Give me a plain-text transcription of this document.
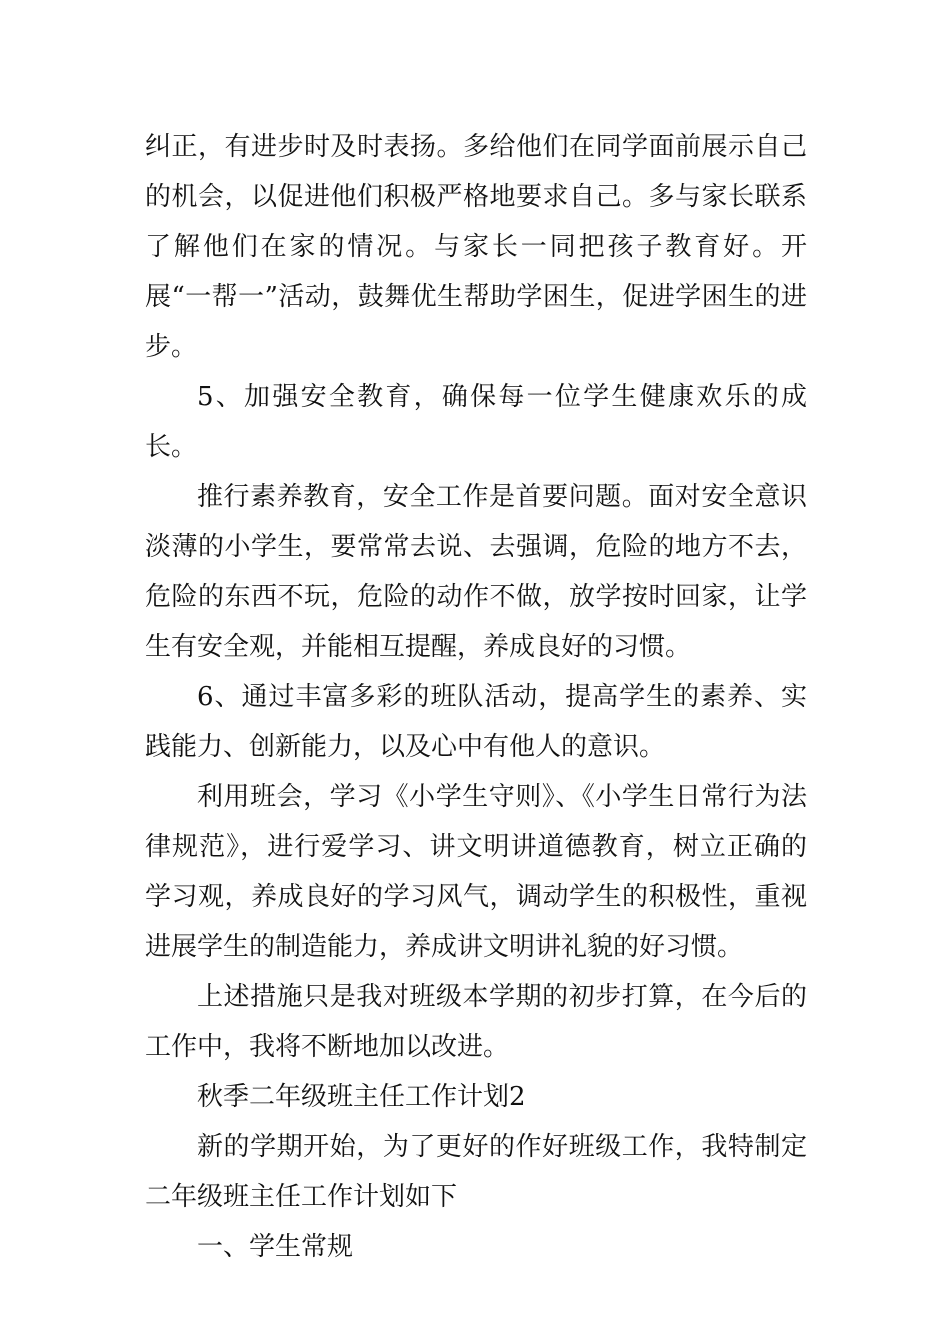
纠正，有进步时及时表扬。多给他们在同学面前展示自己的机会，以促进他们积极严格地要求自己。多与家长联系了解他们在家的情况。与家长一同把孩子教育好。开展“一帮一”活动，鼓舞优生帮助学困生，促进学困生的进步。

5、加强安全教育，确保每一位学生健康欢乐的成长。

推行素养教育，安全工作是首要问题。面对安全意识淡薄的小学生，要常常去说、去强调，危险的地方不去，危险的东西不玩，危险的动作不做，放学按时回家，让学生有安全观，并能相互提醒，养成良好的习惯。

6、通过丰富多彩的班队活动，提高学生的素养、实践能力、创新能力，以及心中有他人的意识。

利用班会，学习《小学生守则》、《小学生日常行为法律规范》，进行爱学习、讲文明讲道德教育，树立正确的学习观，养成良好的学习风气，调动学生的积极性，重视进展学生的制造能力，养成讲文明讲礼貌的好习惯。

上述措施只是我对班级本学期的初步打算，在今后的工作中，我将不断地加以改进。

秋季二年级班主任工作计划2

新的学期开始，为了更好的作好班级工作，我特制定二年级班主任工作计划如下

一、学生常规
